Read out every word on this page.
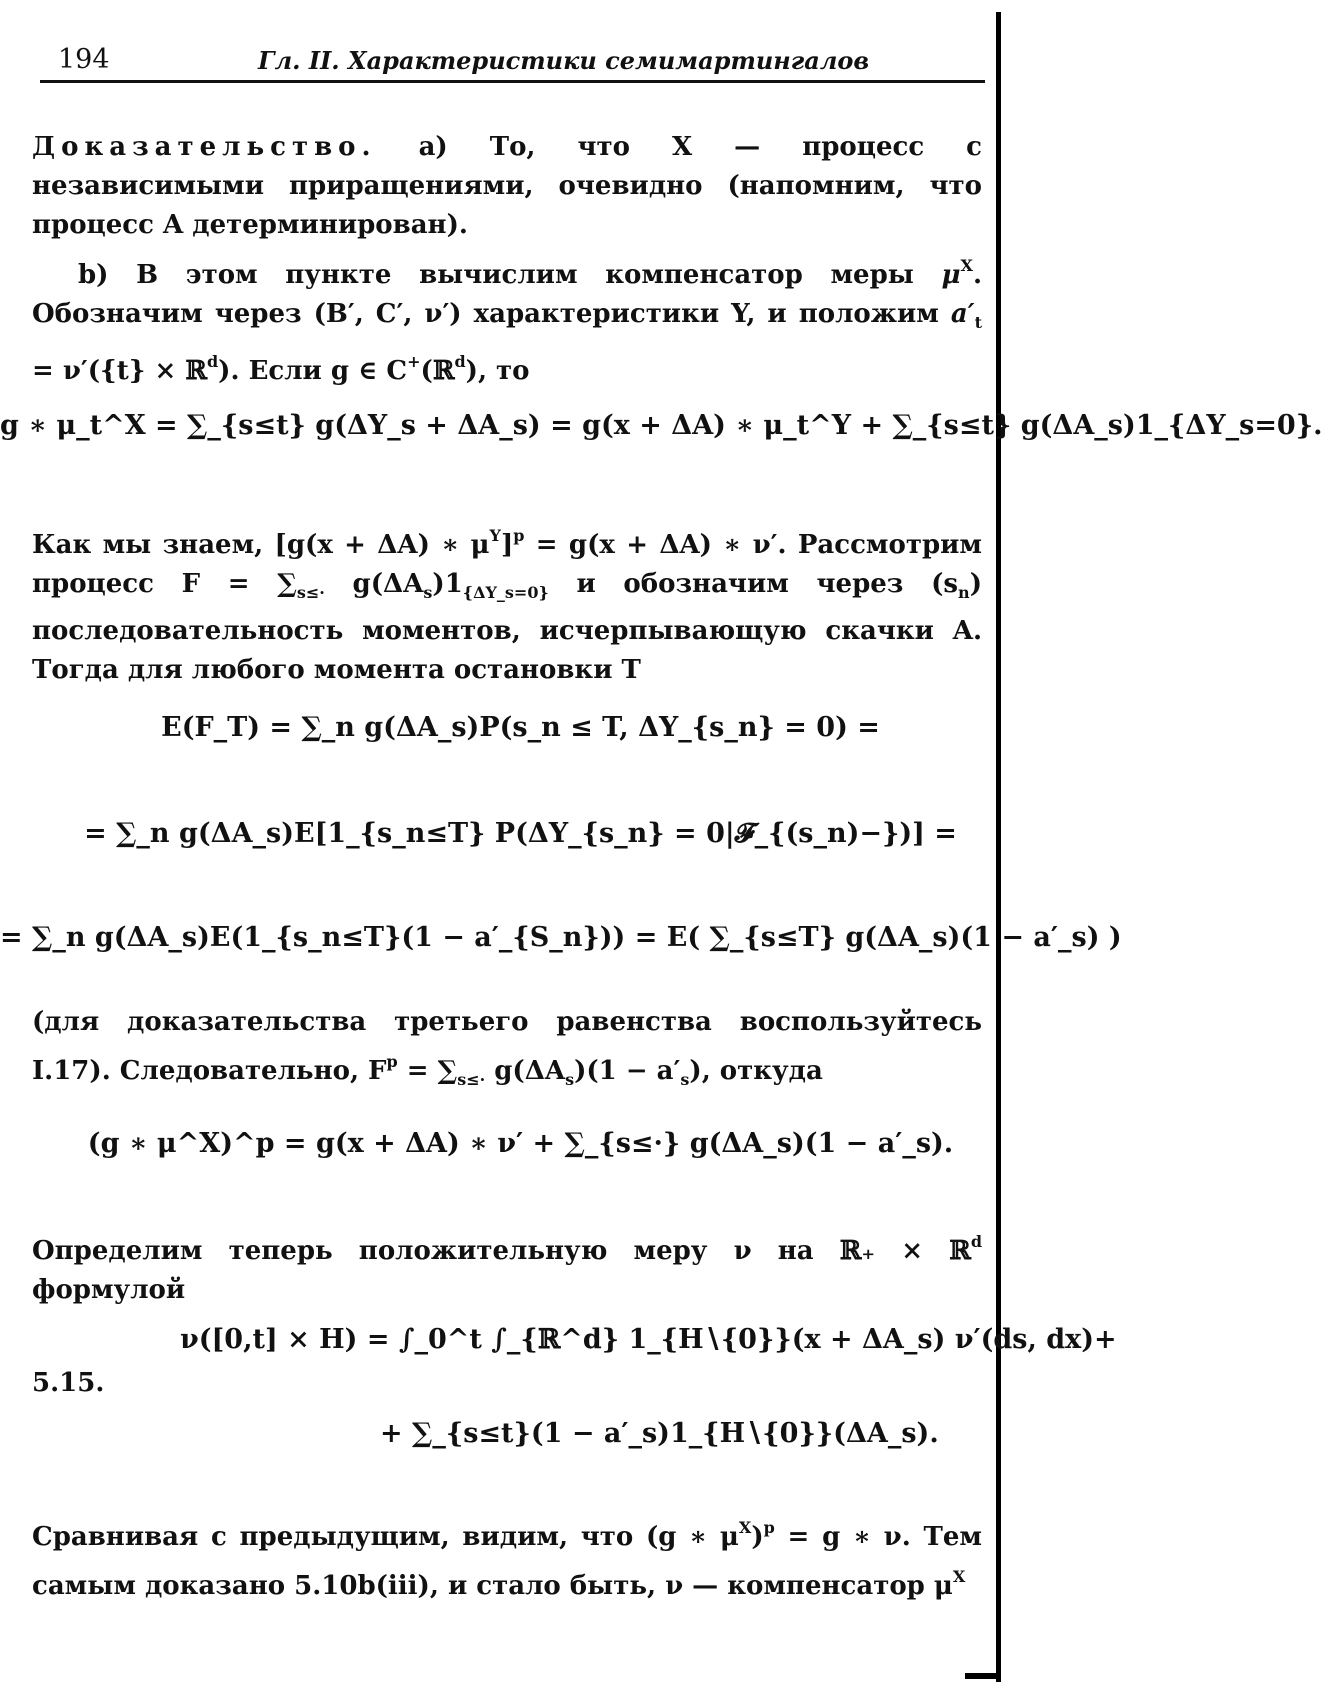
194	Гл. II. Характеристики семимартингалов

Доказательство. a) То, что X — процесс с независимыми приращениями, очевидно (напомним, что процесс A детерминирован).

b) В этом пункте вычислим компенсатор меры $\mu^X$. Обозначим через (B′, C′, ν′) характеристики Y, и положим $a'_t = \nu'(\{t\}$ × ℝ$^d$). Если g ∈ C+(ℝ$^d$), то

g ∗ μ_t^X = ∑_{s≤t} g(ΔY_s + ΔA_s) = g(x + ΔA) ∗ μ_t^Y + ∑_{s≤t} g(ΔA_s)1_{ΔY_s=0}.

Как мы знаем, [g(x + ΔA) ∗ $\mu^Y]^p = g(x + \Delta A)$ ∗ ν′. Рассмотрим процесс $F = \sum_{s\le\cdot}$ $g(\Delta A_s)1_{\{\Delta Y\_s=0\}}$ и обозначим через $(s_n)$ последовательность моментов, исчерпывающую скачки A. Тогда для любого момента остановки T

E(F_T) = ∑_n g(ΔA_s)P(s_n ≤ T, ΔY_{s_n} = 0) =
= ∑_n g(ΔA_s)E[1_{s_n≤T} P(ΔY_{s_n} = 0|𝓕_{(s_n)−})] =
= ∑_n g(ΔA_s)E(1_{s_n≤T}(1 − a′_{S_n})) = E( ∑_{s≤T} g(ΔA_s)(1 − a′_s) )

(для доказательства третьего равенства воспользуйтесь I.17). Следовательно, $F^p = \sum_{s\le\cdot}$ $g(\Delta A_s)(1 - a'_s)$, откуда

(g ∗ μ^X)^p = g(x + ΔA) ∗ ν′ + ∑_{s≤·} g(ΔA_s)(1 − a′_s).

Определим теперь положительную меру ν на ℝ₊ × ℝ$^d$ формулой

5.15.
ν([0,t] × H) = ∫_0^t ∫_{ℝ^d} 1_{H∖{0}}(x + ΔA_s) ν′(ds, dx)+
+ ∑_{s≤t}(1 − a′_s)1_{H∖{0}}(ΔA_s).

Сравнивая с предыдущим, видим, что (g ∗ $\mu^X)^p = g$ ∗ ν. Тем самым доказано 5.10b(iii), и стало быть, ν — компенсатор $\mu^X$
